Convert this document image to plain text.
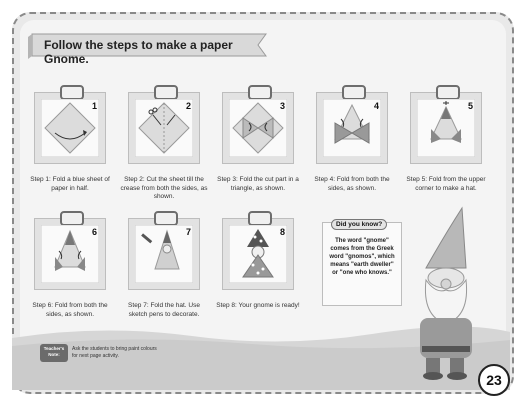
Follow the steps to make a paper Gnome.
1
Step 1: Fold a blue sheet of paper in half.
2
Step 2: Cut the sheet till the crease from both the sides, as shown.
3
Step 3: Fold the cut part in a triangle, as shown.
4
Step 4: Fold from both the sides, as shown.
5
Step 5: Fold from the upper corner to make a hat.
6
Step 6: Fold from both the sides, as shown.
7
Step 7: Fold the hat. Use sketch pens to decorate.
8
Step 8: Your gnome is ready!
Did you know?
The word "gnome" comes from the Greek word "gnomos", which means "earth dweller" or "one who knows."
Teacher's Note:
Ask the students to bring paint colours for next page activity.
23
